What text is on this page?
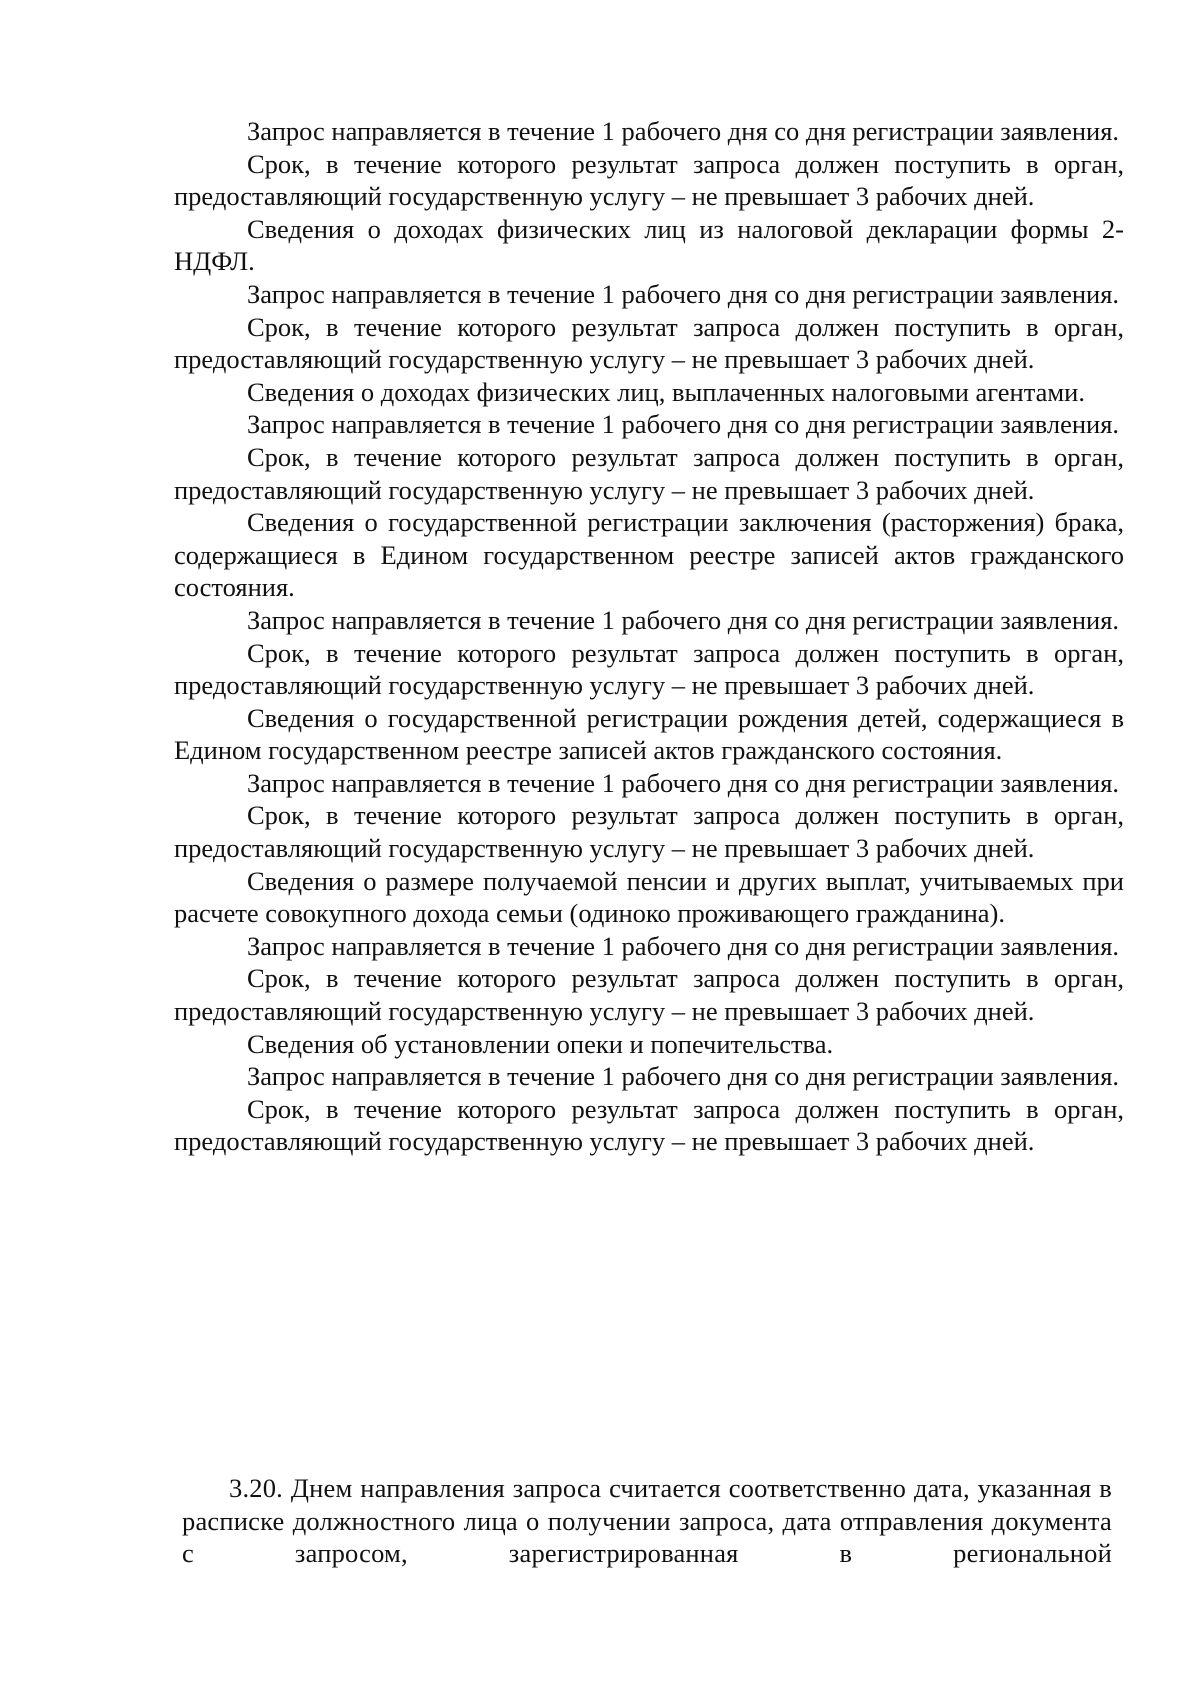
Запрос направляется в течение 1 рабочего дня со дня регистрации заявления.

Срок, в течение которого результат запроса должен поступить в орган, предоставляющий государственную услугу – не превышает 3 рабочих дней.

Сведения о доходах физических лиц из налоговой декларации формы 2-НДФЛ.

Запрос направляется в течение 1 рабочего дня со дня регистрации заявления.

Срок, в течение которого результат запроса должен поступить в орган, предоставляющий государственную услугу – не превышает 3 рабочих дней.

Сведения о доходах физических лиц, выплаченных налоговыми агентами.

Запрос направляется в течение 1 рабочего дня со дня регистрации заявления.

Срок, в течение которого результат запроса должен поступить в орган, предоставляющий государственную услугу – не превышает 3 рабочих дней.

Сведения о государственной регистрации заключения (расторжения) брака, содержащиеся в Едином государственном реестре записей актов гражданского состояния.

Запрос направляется в течение 1 рабочего дня со дня регистрации заявления.

Срок, в течение которого результат запроса должен поступить в орган, предоставляющий государственную услугу – не превышает 3 рабочих дней.

Сведения о государственной регистрации рождения детей, содержащиеся в Едином государственном реестре записей актов гражданского состояния.

Запрос направляется в течение 1 рабочего дня со дня регистрации заявления.

Срок, в течение которого результат запроса должен поступить в орган, предоставляющий государственную услугу – не превышает 3 рабочих дней.

Сведения о размере получаемой пенсии и других выплат, учитываемых при расчете совокупного дохода семьи (одиноко проживающего гражданина).

Запрос направляется в течение 1 рабочего дня со дня регистрации заявления.

Срок, в течение которого результат запроса должен поступить в орган, предоставляющий государственную услугу – не превышает 3 рабочих дней.

Сведения об установлении опеки и попечительства.

Запрос направляется в течение 1 рабочего дня со дня регистрации заявления.

Срок, в течение которого результат запроса должен поступить в орган, предоставляющий государственную услугу – не превышает 3 рабочих дней.

3.20. Днем направления запроса считается соответственно дата, указанная в расписке должностного лица о получении запроса, дата отправления документа с запросом, зарегистрированная в региональной
